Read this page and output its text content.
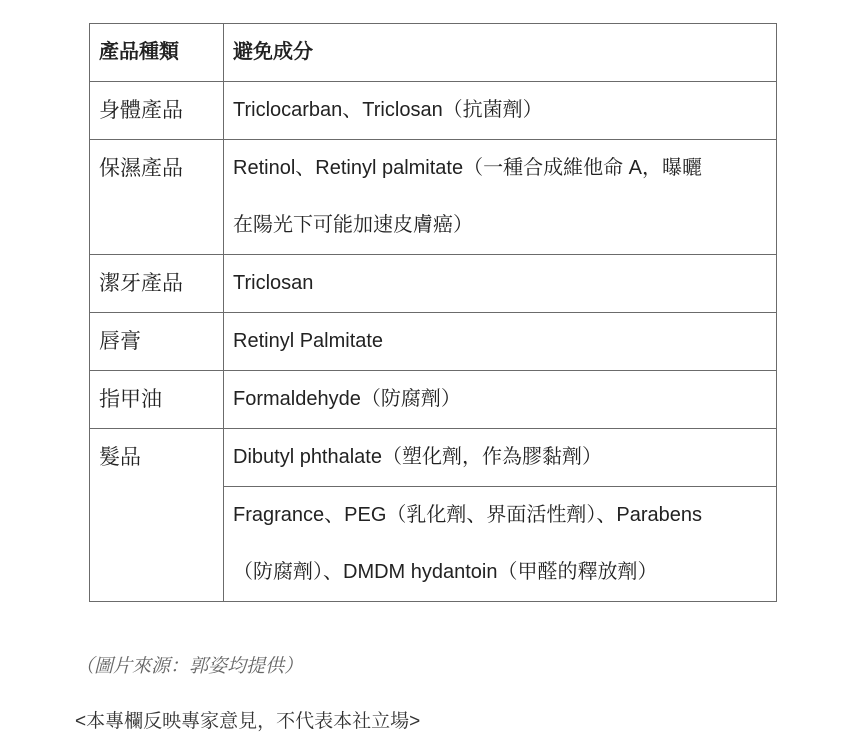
產品種類	避免成分
身體產品	Triclocarban、Triclosan（抗菌劑）

保濕產品	Retinol、Retinyl palmitate（一種合成維他命 A，曝曬
在陽光下可能加速皮膚癌）

潔牙產品	Triclosan

唇膏	Retinyl Palmitate

指甲油	Formaldehyde（防腐劑）

髮品	Dibutyl phthalate（塑化劑，作為膠黏劑）

	Fragrance、PEG（乳化劑、界面活性劑）、Parabens
（防腐劑）、DMDM hydantoin（甲醛的釋放劑）
（圖片來源：郭姿均提供）
<本專欄反映專家意見，不代表本社立場>
